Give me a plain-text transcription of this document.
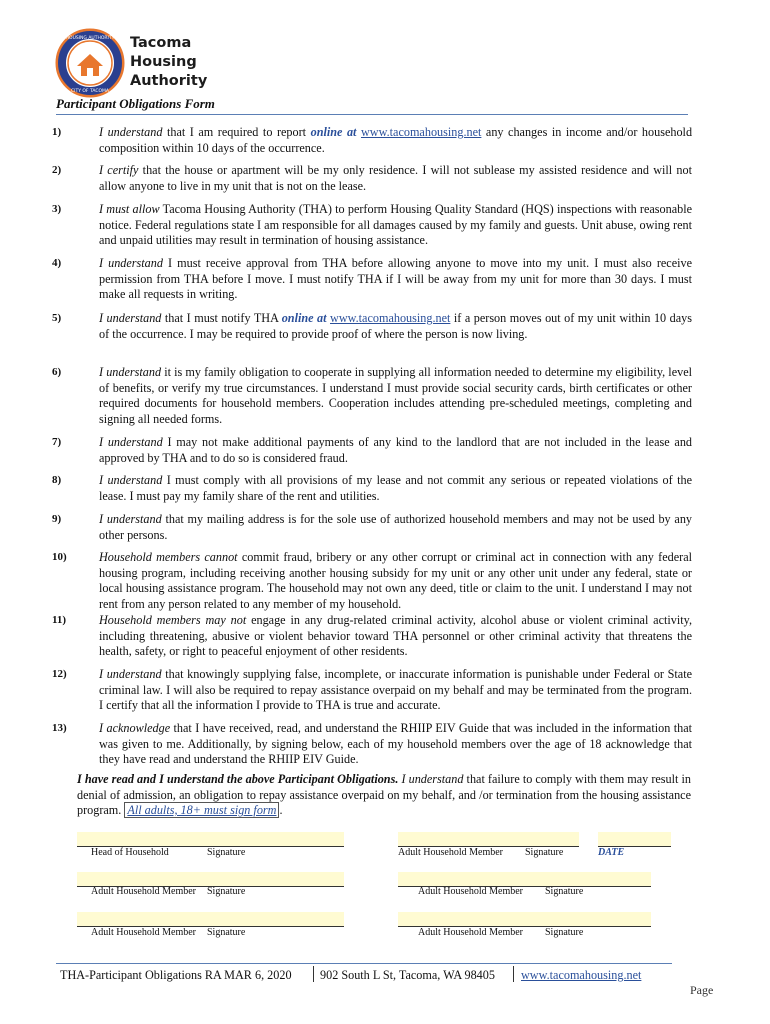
HOUSING AUTHORITY
CITY OF TACOMA
Tacoma
Housing
Authority
Participant Obligations Form
1)	I understand that I am required to report online at www.tacomahousing.net any changes in income and/or household composition within 10 days of the occurrence.
2)	I certify that the house or apartment will be my only residence. I will not sublease my assisted residence and will not allow anyone to live in my unit that is not on the lease.
3)	I must allow Tacoma Housing Authority (THA) to perform Housing Quality Standard (HQS) inspections with reasonable notice. Federal regulations state I am responsible for all damages caused by my family and guests. Unit abuse, owing rent and unpaid utilities may result in termination of housing assistance.
4)	I understand I must receive approval from THA before allowing anyone to move into my unit. I must also receive permission from THA before I move. I must notify THA if I will be away from my unit for more than 30 days. I must make all requests in writing.
5)	I understand that I must notify THA online at www.tacomahousing.net if a person moves out of my unit within 10 days of the occurrence. I may be required to provide proof of where the person is now living.
6)	I understand it is my family obligation to cooperate in supplying all information needed to determine my eligibility, level of benefits, or verify my true circumstances. I understand I must provide social security cards, birth certificates or other required documents for household members. Cooperation includes attending pre-scheduled meetings, completing and signing all needed forms.
7)	I understand I may not make additional payments of any kind to the landlord that are not included in the lease and approved by THA and to do so is considered fraud.
8)	I understand I must comply with all provisions of my lease and not commit any serious or repeated violations of the lease. I must pay my family share of the rent and utilities.
9)	I understand that my mailing address is for the sole use of authorized household members and may not be used by any other persons.
10)	Household members cannot commit fraud, bribery or any other corrupt or criminal act in connection with any federal housing program, including receiving another housing subsidy for my unit or any other unit under any federal, state or local housing assistance program. The household may not own any deed, title or claim to the unit. I understand I may not rent from any person related to any member of my household.
11)	Household members may not engage in any drug-related criminal activity, alcohol abuse or violent criminal activity, including threatening, abusive or violent behavior toward THA personnel or other criminal activity that threatens the health, safety, or right to peaceful enjoyment of other residents.
12)	I understand that knowingly supplying false, incomplete, or inaccurate information is punishable under Federal or State criminal law. I will also be required to repay assistance overpaid on my behalf and may be terminated from the program. I certify that all the information I provide to THA is true and accurate.
13)	I acknowledge that I have received, read, and understand the RHIIP EIV Guide that was included in the information that was given to me. Additionally, by signing below, each of my household members over the age of 18 acknowledge that they have read and understand the RHIIP EIV Guide.
I have read and I understand the above Participant Obligations. I understand that failure to comply with them may result in denial of admission, an obligation to repay assistance overpaid on my behalf, and /or termination from the housing assistance program. All adults, 18+ must sign form .
Head of Household	Signature	Adult Household Member Signature	DATE
Adult Household Member Signature	Adult Household Member Signature
Adult Household Member Signature	Adult Household Member Signature
THA-Participant Obligations RA MAR 6, 2020 902 South L St, Tacoma, WA 98405 www.tacomahousing.net
Page
